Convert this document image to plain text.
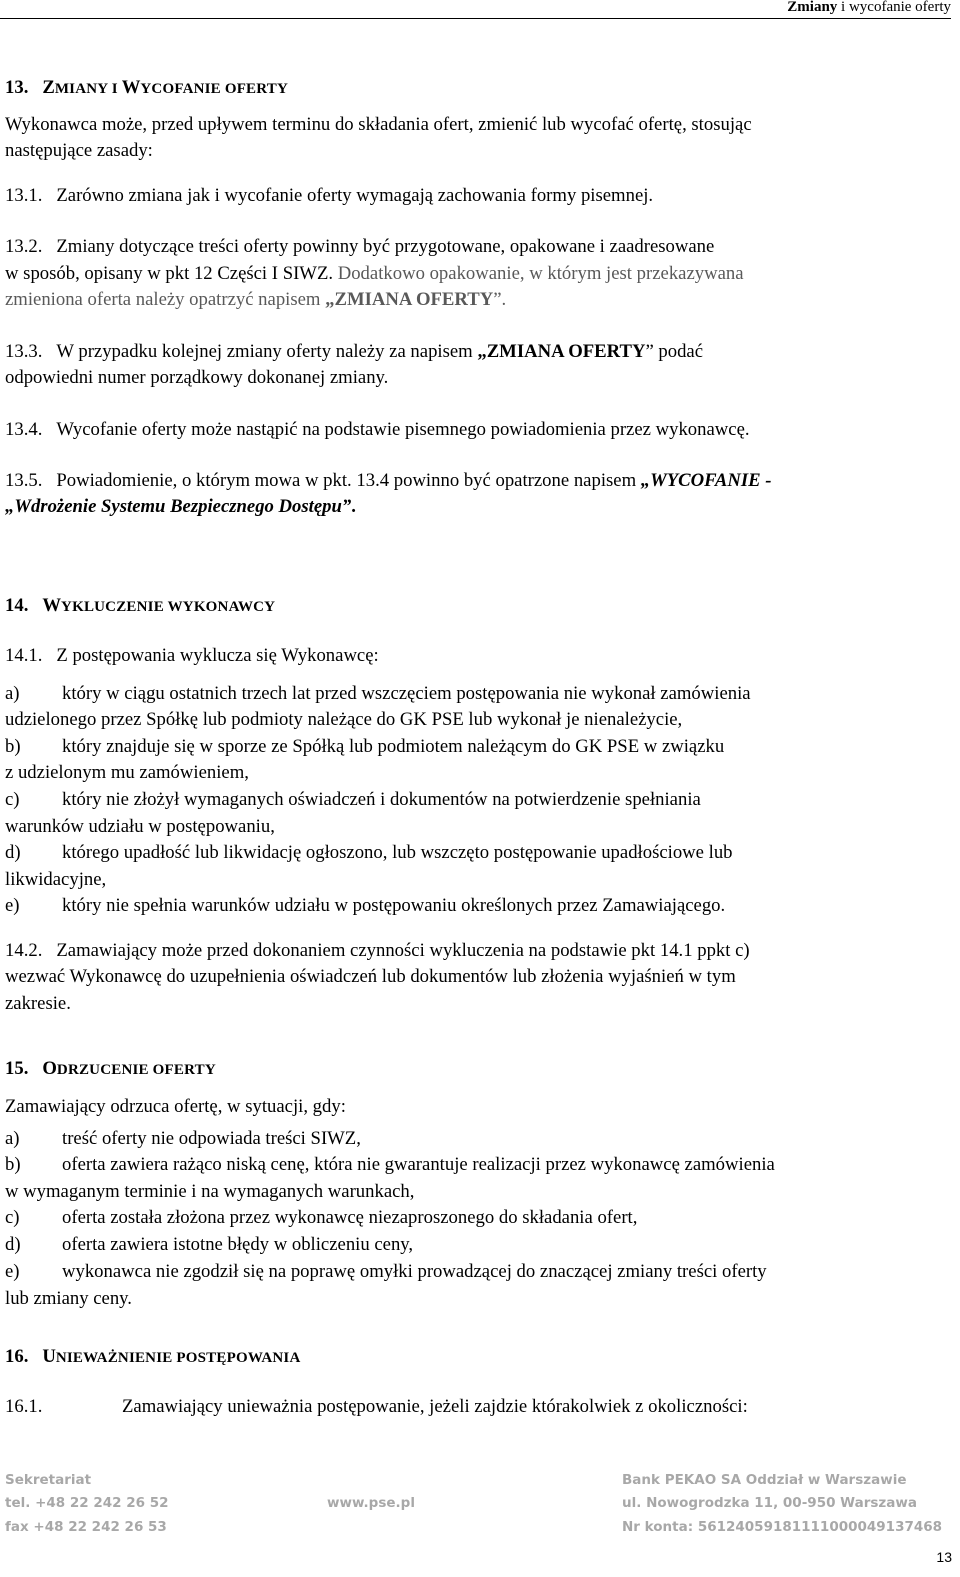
Zmiany i wycofanie oferty
13. ZMIANY I WYCOFANIE OFERTY
Wykonawca może, przed upływem terminu do składania ofert, zmienić lub wycofać ofertę, stosując
następujące zasady:
13.1. Zarówno zmiana jak i wycofanie oferty wymagają zachowania formy pisemnej.
13.2. Zmiany dotyczące treści oferty powinny być przygotowane, opakowane i zaadresowane
w sposób, opisany w pkt 12 Części I SIWZ. Dodatkowo opakowanie, w którym jest przekazywana
zmieniona oferta należy opatrzyć napisem „ZMIANA OFERTY”.
13.3. W przypadku kolejnej zmiany oferty należy za napisem „ZMIANA OFERTY” podać
odpowiedni numer porządkowy dokonanej zmiany.
13.4. Wycofanie oferty może nastąpić na podstawie pisemnego powiadomienia przez wykonawcę.
13.5. Powiadomienie, o którym mowa w pkt. 13.4 powinno być opatrzone napisem „WYCOFANIE -
„Wdrożenie Systemu Bezpiecznego Dostępu”.
14. WYKLUCZENIE WYKONAWCY
14.1. Z postępowania wyklucza się Wykonawcę:
a) który w ciągu ostatnich trzech lat przed wszczęciem postępowania nie wykonał zamówienia
udzielonego przez Spółkę lub podmioty należące do GK PSE lub wykonał je nienależycie,
b) który znajduje się w sporze ze Spółką lub podmiotem należącym do GK PSE w związku
z udzielonym mu zamówieniem,
c) który nie złożył wymaganych oświadczeń i dokumentów na potwierdzenie spełniania
warunków udziału w postępowaniu,
d) którego upadłość lub likwidację ogłoszono, lub wszczęto postępowanie upadłościowe lub
likwidacyjne,
e) który nie spełnia warunków udziału w postępowaniu określonych przez Zamawiającego.
14.2. Zamawiający może przed dokonaniem czynności wykluczenia na podstawie pkt 14.1 ppkt c)
wezwać Wykonawcę do uzupełnienia oświadczeń lub dokumentów lub złożenia wyjaśnień w tym
zakresie.
15. ODRZUCENIE OFERTY
Zamawiający odrzuca ofertę, w sytuacji, gdy:
a) treść oferty nie odpowiada treści SIWZ,
b) oferta zawiera rażąco niską cenę, która nie gwarantuje realizacji przez wykonawcę zamówienia
w wymaganym terminie i na wymaganych warunkach,
c) oferta została złożona przez wykonawcę niezaproszonego do składania ofert,
d) oferta zawiera istotne błędy w obliczeniu ceny,
e) wykonawca nie zgodził się na poprawę omyłki prowadzącej do znaczącej zmiany treści oferty
lub zmiany ceny.
16. UNIEWAŻNIENIE POSTĘPOWANIA
16.1.	Zamawiający unieważnia postępowanie, jeżeli zajdzie którakolwiek z okoliczności:
Sekretariat
tel. +48 22 242 26 52
fax +48 22 242 26 53
www.pse.pl
Bank PEKAO SA Oddział w Warszawie
ul. Nowogrodzka 11, 00-950 Warszawa
Nr konta: 56124059181111000049137468
13
